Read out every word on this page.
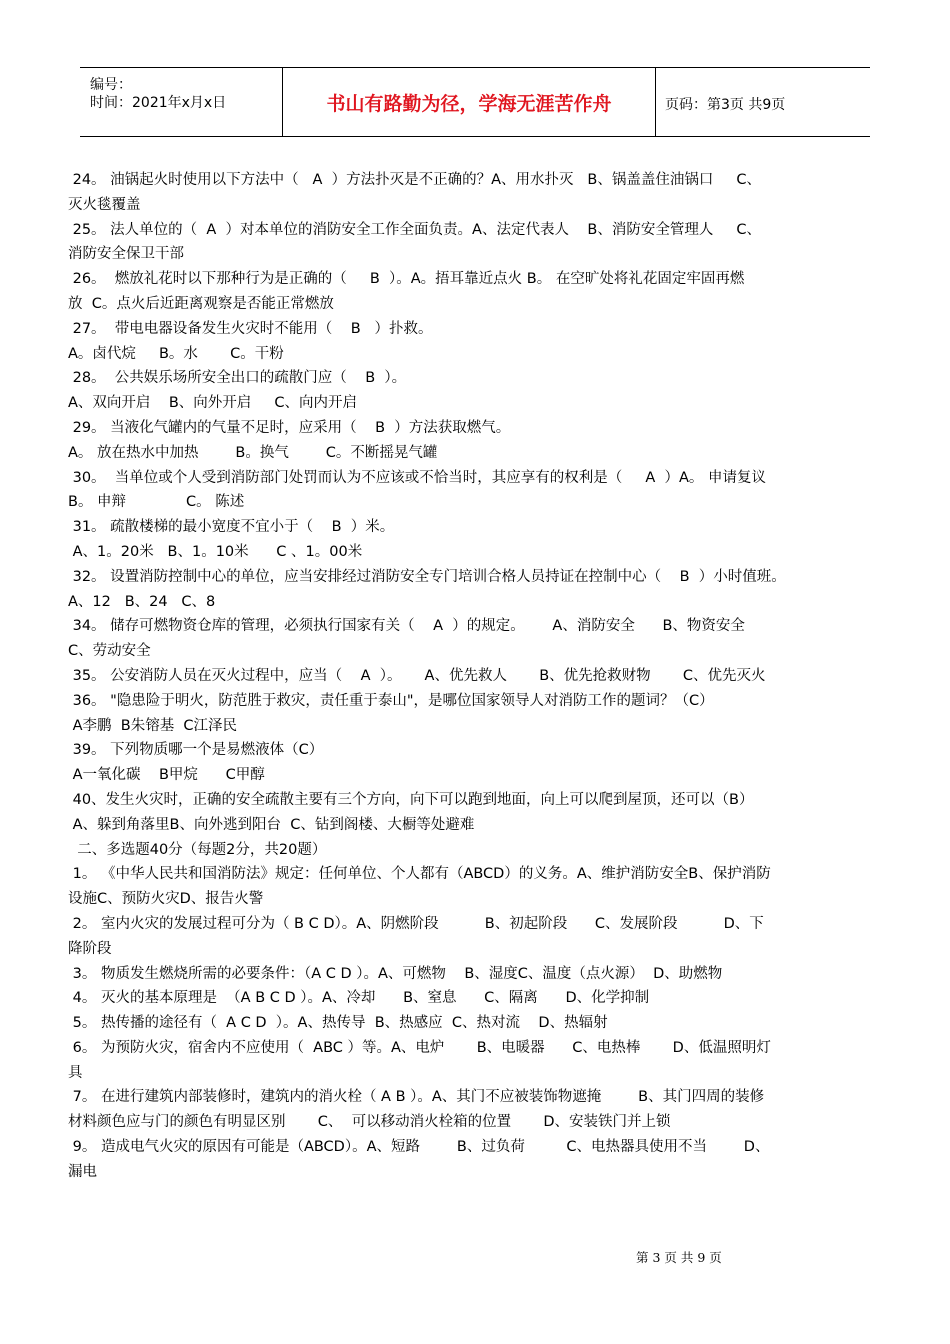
编号：
时间：2021年x月x日	书山有路勤为径，学海无涯苦作舟	页码：第3页 共9页

24。 油锅起火时使用以下方法中（   A  ）方法扑灭是不正确的？A、用水扑灭   B、锅盖盖住油锅口     C、

灭火毯覆盖

25。 法人单位的（  A  ）对本单位的消防安全工作全面负责。A、法定代表人    B、消防安全管理人     C、

消防安全保卫干部

26。  燃放礼花时以下那种行为是正确的（     B  ）。A。捂耳靠近点火 B。 在空旷处将礼花固定牢固再燃

放  C。点火后近距离观察是否能正常燃放

27。  带电电器设备发生火灾时不能用（    B   ）扑救。

A。卤代烷     B。水       C。干粉

28。  公共娱乐场所安全出口的疏散门应（    B  ）。

A、双向开启    B、向外开启     C、向内开启

29。 当液化气罐内的气量不足时，应采用（    B  ）方法获取燃气。

A。 放在热水中加热        B。换气        C。不断摇晃气罐

30。  当单位或个人受到消防部门处罚而认为不应该或不恰当时，其应享有的权利是（     A  ）A。 申请复议

B。 申辩             C。 陈述

31。 疏散楼梯的最小宽度不宜小于（    B  ）米。

A、1。20米   B、1。10米      C 、1。00米

32。 设置消防控制中心的单位，应当安排经过消防安全专门培训合格人员持证在控制中心（    B  ）小时值班。

A、12   B、24   C、8

34。 储存可燃物资仓库的管理，必须执行国家有关（    A  ）的规定。      A、消防安全      B、物资安全

C、劳动安全

35。 公安消防人员在灭火过程中，应当（    A  ）。     A、优先救人       B、优先抢救财物       C、优先灭火

36。 "隐患险于明火，防范胜于救灾，责任重于泰山"，是哪位国家领导人对消防工作的题词？（C）

A李鹏  B朱镕基  C江泽民

39。 下列物质哪一个是易燃液体（C）

A一氧化碳    B甲烷      C甲醇

40、发生火灾时，正确的安全疏散主要有三个方向，向下可以跑到地面，向上可以爬到屋顶，还可以（B）

A、躲到角落里B、向外逃到阳台  C、钻到阁楼、大橱等处避难

二、多选题40分（每题2分，共20题）

1。 《中华人民共和国消防法》规定：任何单位、个人都有（ABCD）的义务。A、维护消防安全B、保护消防

设施C、预防火灾D、报告火警

2。 室内火灾的发展过程可分为（ B C D）。A、阴燃阶段          B、初起阶段      C、发展阶段          D、下

降阶段

3。 物质发生燃烧所需的必要条件：（A C D ）。A、可燃物    B、湿度C、温度（点火源）  D、助燃物

4。 灭火的基本原理是  （A B C D ）。A、冷却      B、窒息      C、隔离      D、化学抑制

5。 热传播的途径有（  A C D  ）。A、热传导  B、热感应  C、热对流    D、热辐射

6。 为预防火灾，宿舍内不应使用（  ABC ）等。A、电炉       B、电暖器      C、电热棒       D、低温照明灯

具

7。 在进行建筑内部装修时，建筑内的消火栓（ A B ）。A、其门不应被装饰物遮掩        B、其门四周的装修

材料颜色应与门的颜色有明显区别       C、  可以移动消火栓箱的位置       D、安装铁门并上锁

9。 造成电气火灾的原因有可能是（ABCD）。A、短路        B、过负荷         C、电热器具使用不当        D、

漏电

第 3 页 共 9 页
